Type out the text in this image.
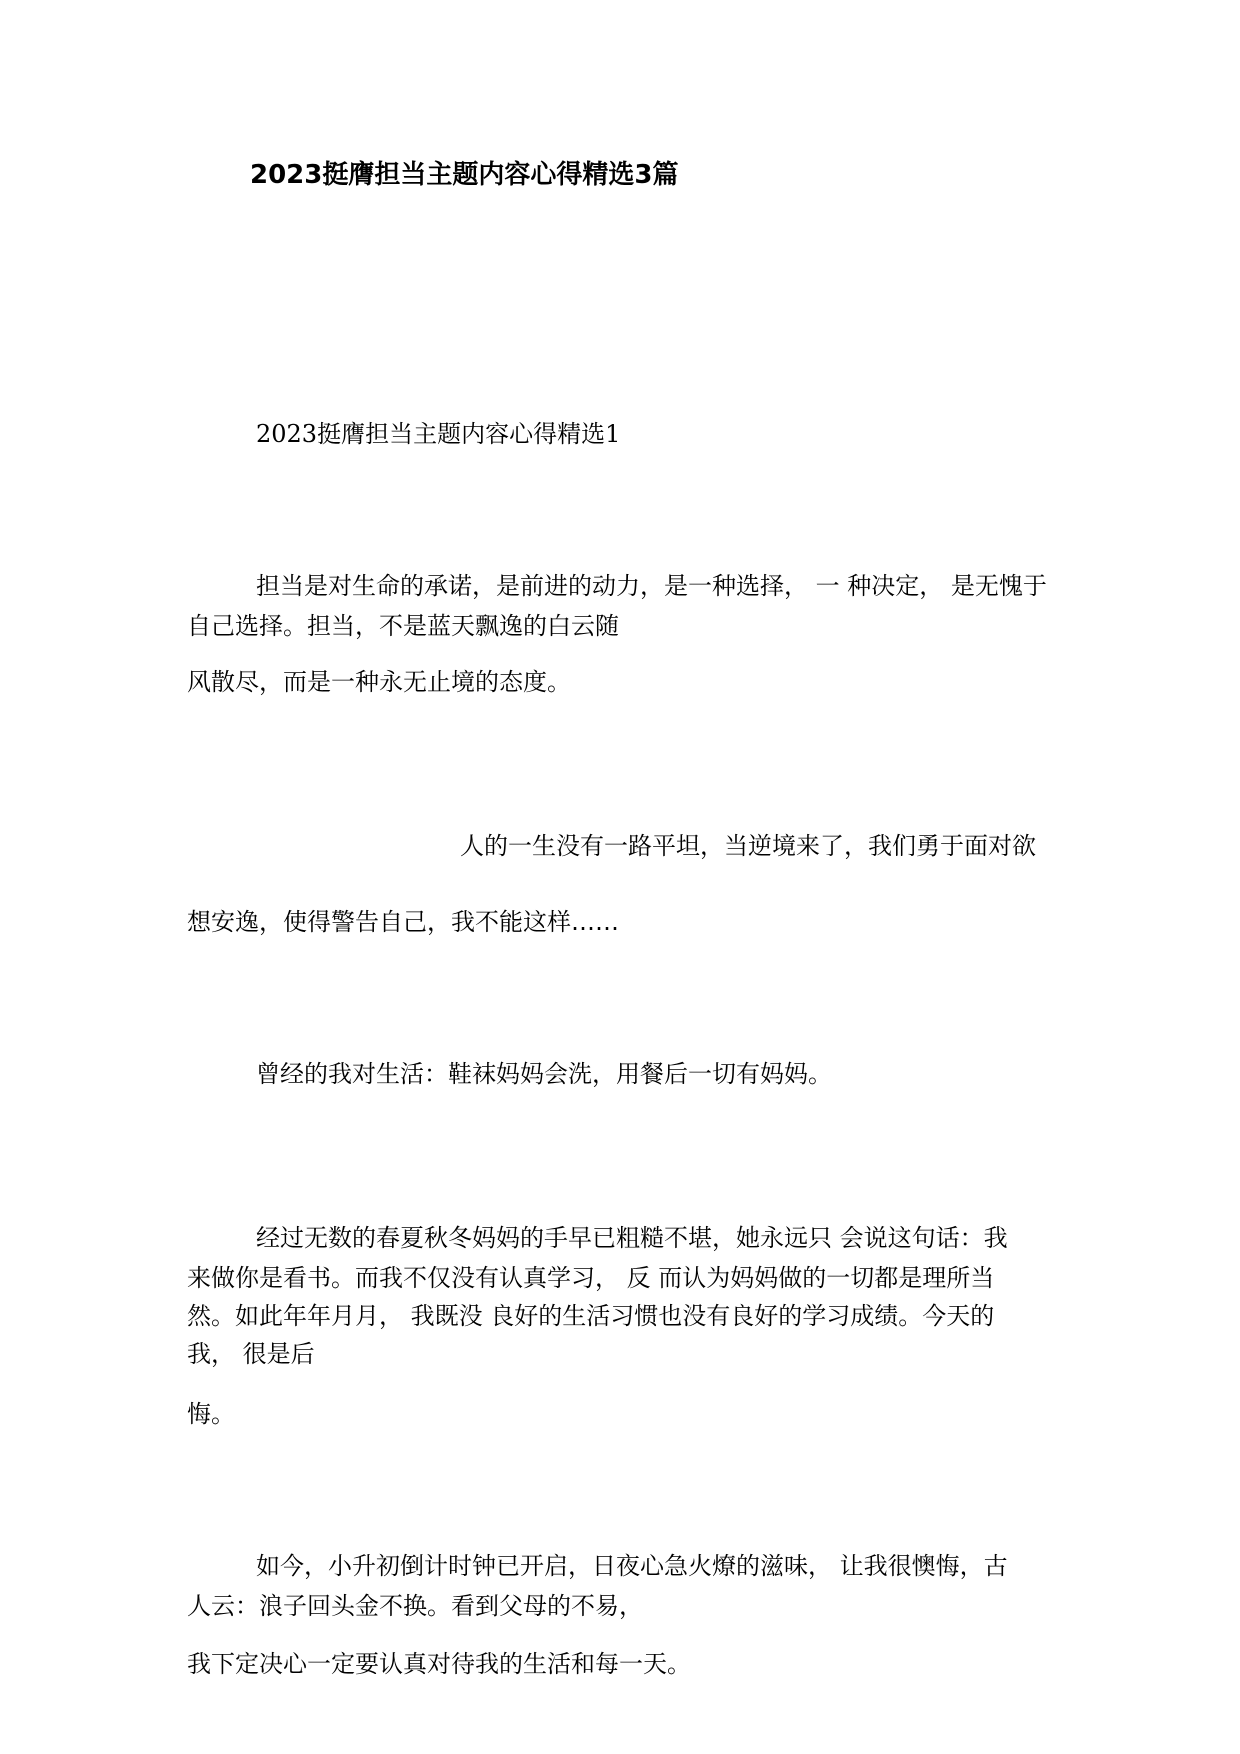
2023挺膺担当主题内容心得精选3篇
2023挺膺担当主题内容心得精选1
担当是对生命的承诺，是前进的动力，是一种选择， 一 种决定， 是无愧于
自己选择。担当，不是蓝天飘逸的白云随
风散尽，而是一种永无止境的态度。
人的一生没有一路平坦，当逆境来了，我们勇于面对欲
想安逸，使得警告自己，我不能这样……
曾经的我对生活：鞋袜妈妈会洗，用餐后一切有妈妈。
经过无数的春夏秋冬妈妈的手早已粗糙不堪，她永远只 会说这句话：我
来做你是看书。而我不仅没有认真学习， 反 而认为妈妈做的一切都是理所当
然。如此年年月月， 我既没 良好的生活习惯也没有良好的学习成绩。今天的
我， 很是后
悔。
如今，小升初倒计时钟已开启，日夜心急火燎的滋味， 让我很懊悔，古
人云：浪子回头金不换。看到父母的不易，
我下定决心一定要认真对待我的生活和每一天。
